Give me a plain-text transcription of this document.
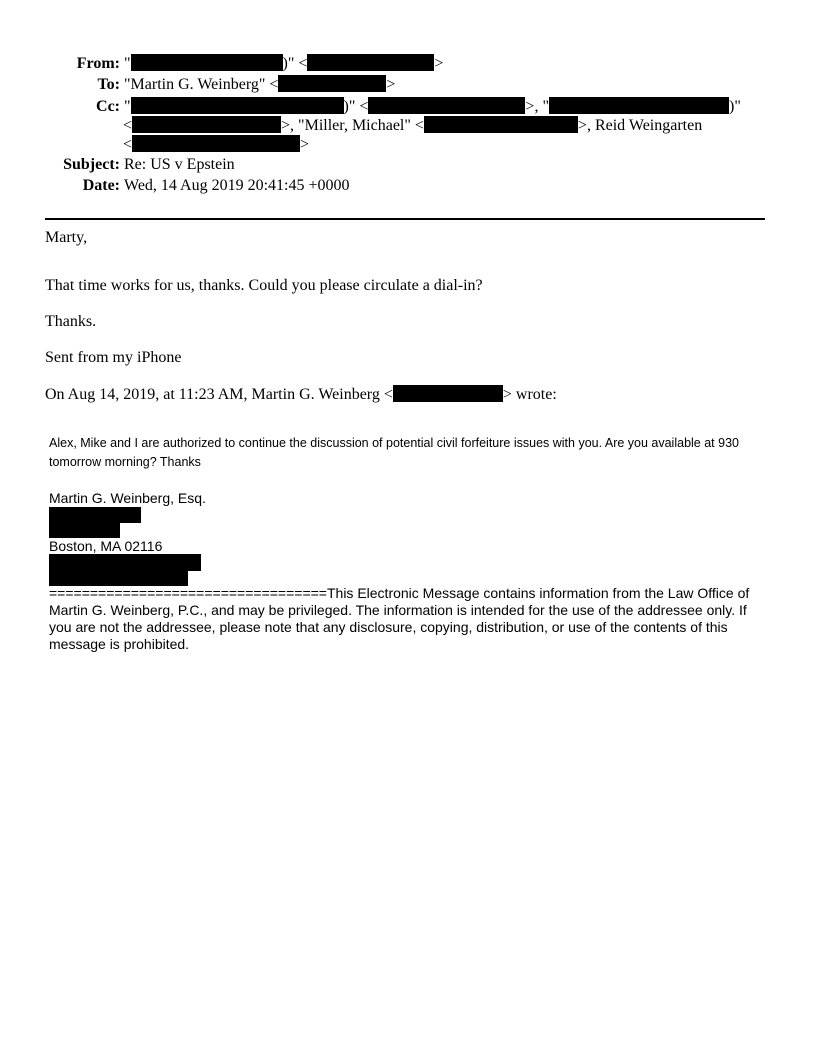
From: "	)" <	>
To: "Martin G. Weinberg" <	>
Cc: "	)" <	>, "	)"
<	>, "Miller, Michael" <	>, Reid Weingarten
<	>
Subject: Re: US v Epstein
Date: Wed, 14 Aug 2019 20:41:45 +0000
Marty,
That time works for us, thanks. Could you please circulate a dial-in?
Thanks.
Sent from my iPhone
On Aug 14, 2019, at 11:23 AM, Martin G. Weinberg <	> wrote:
Alex, Mike and I are authorized to continue the discussion of potential civil forfeiture issues with you. Are you available at 930 tomorrow morning? Thanks
Martin G. Weinberg, Esq.
Boston, MA 02116
==================================This Electronic Message contains information from the Law Office of Martin G. Weinberg, P.C., and may be privileged. The information is intended for the use of the addressee only. If you are not the addressee, please note that any disclosure, copying, distribution, or use of the contents of this message is prohibited.
